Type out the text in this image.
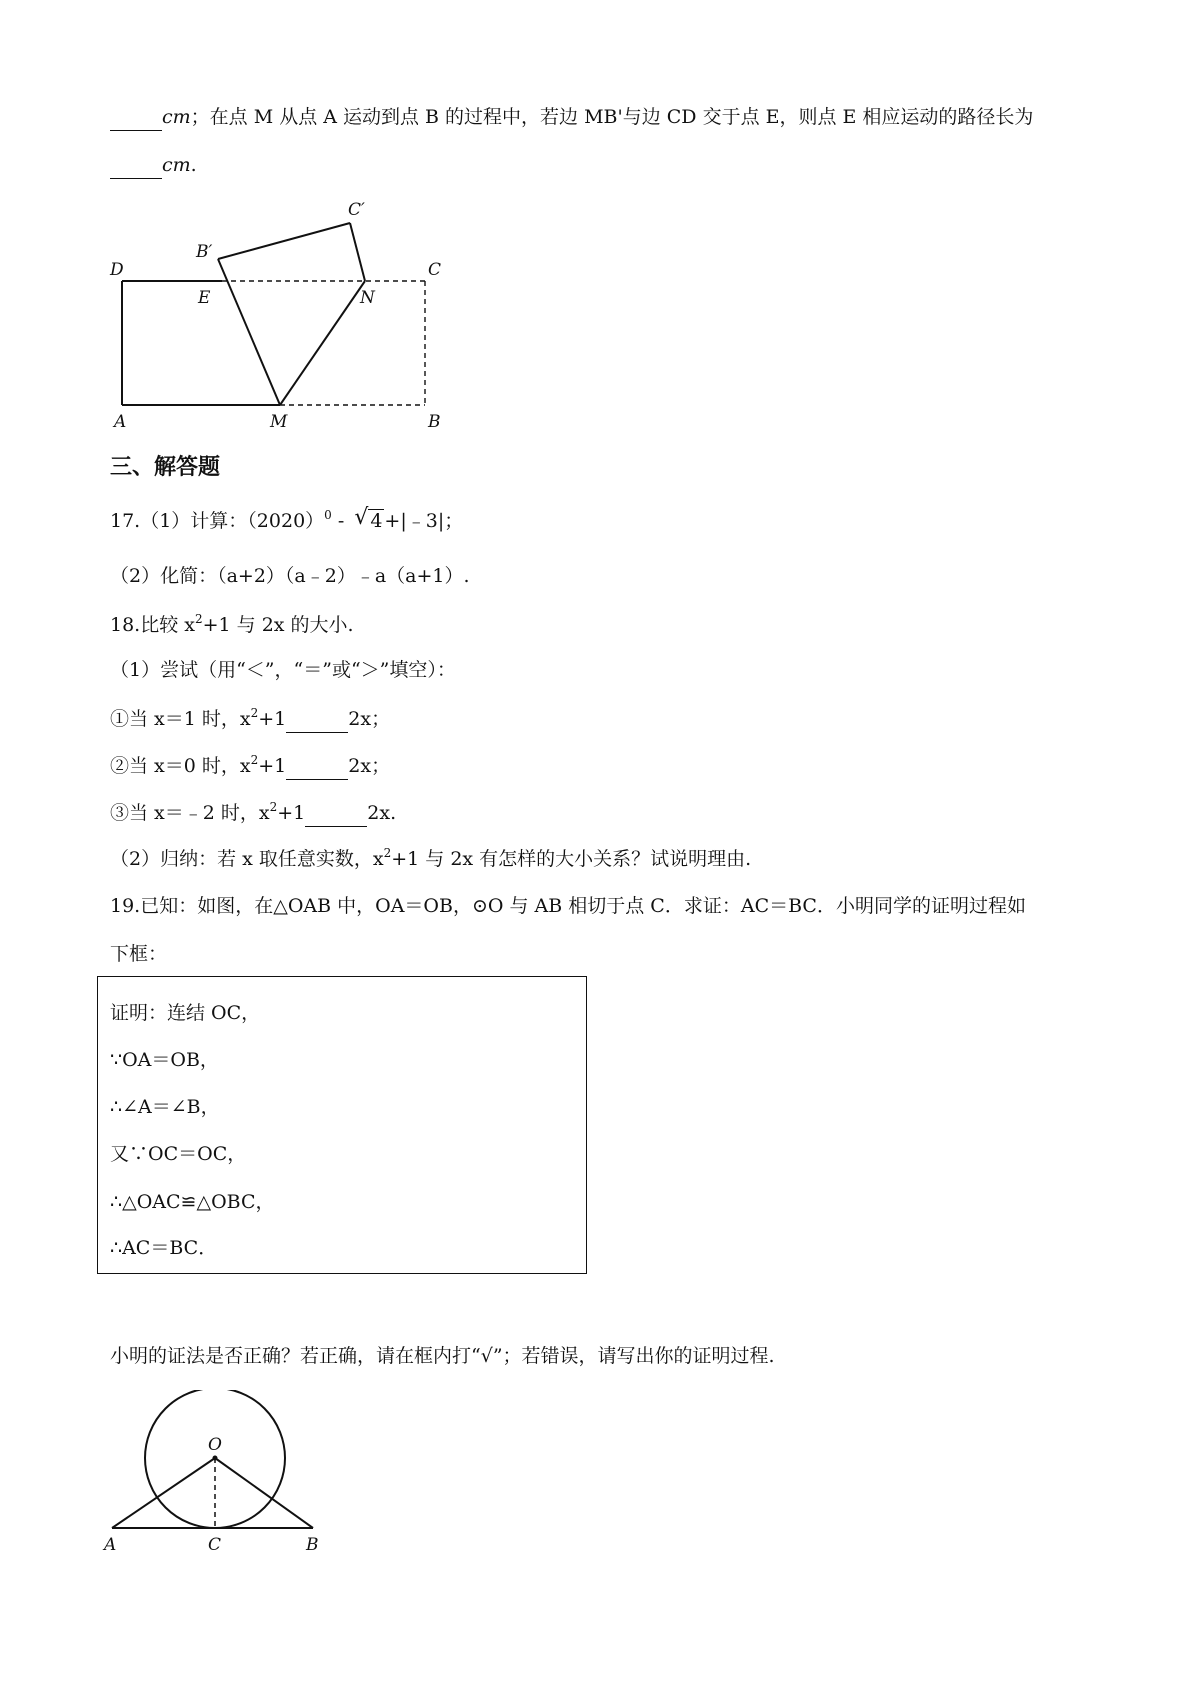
cm；在点 M 从点 A 运动到点 B 的过程中，若边 MB'与边 CD 交于点 E，则点 E 相应运动的路径长为
cm.
D
B′
C′
C
E	N
A	M	B
三、解答题
17.（1）计算：$(2020)^0$ - √ 4 +|﹣3|；
（2）化简：（a+2）（a﹣2）﹣a（a+1）.
18.比较 $x^2+1$ 与 2x 的大小.
（1）尝试（用“＜”，“＝”或“＞”填空）：
①当 x＝1 时，$x^2+1$	2x；
②当 x＝0 时，$x^2+1$	2x；
③当 x＝﹣2 时，$x^2+1$	2x.
（2）归纳：若 x 取任意实数，$x^2+1$ 与 2x 有怎样的大小关系？试说明理由.
19.已知：如图，在△OAB 中，OA＝OB，⊙O 与 AB 相切于点 C．求证：AC＝BC．小明同学的证明过程如
下框：
证明：连结 OC，
∵OA＝OB，
∴∠A＝∠B，
又∵OC＝OC，
∴△OAC≌△OBC，
∴AC＝BC．
小明的证法是否正确？若正确，请在框内打“√”；若错误，请写出你的证明过程.
O
A	C	B
